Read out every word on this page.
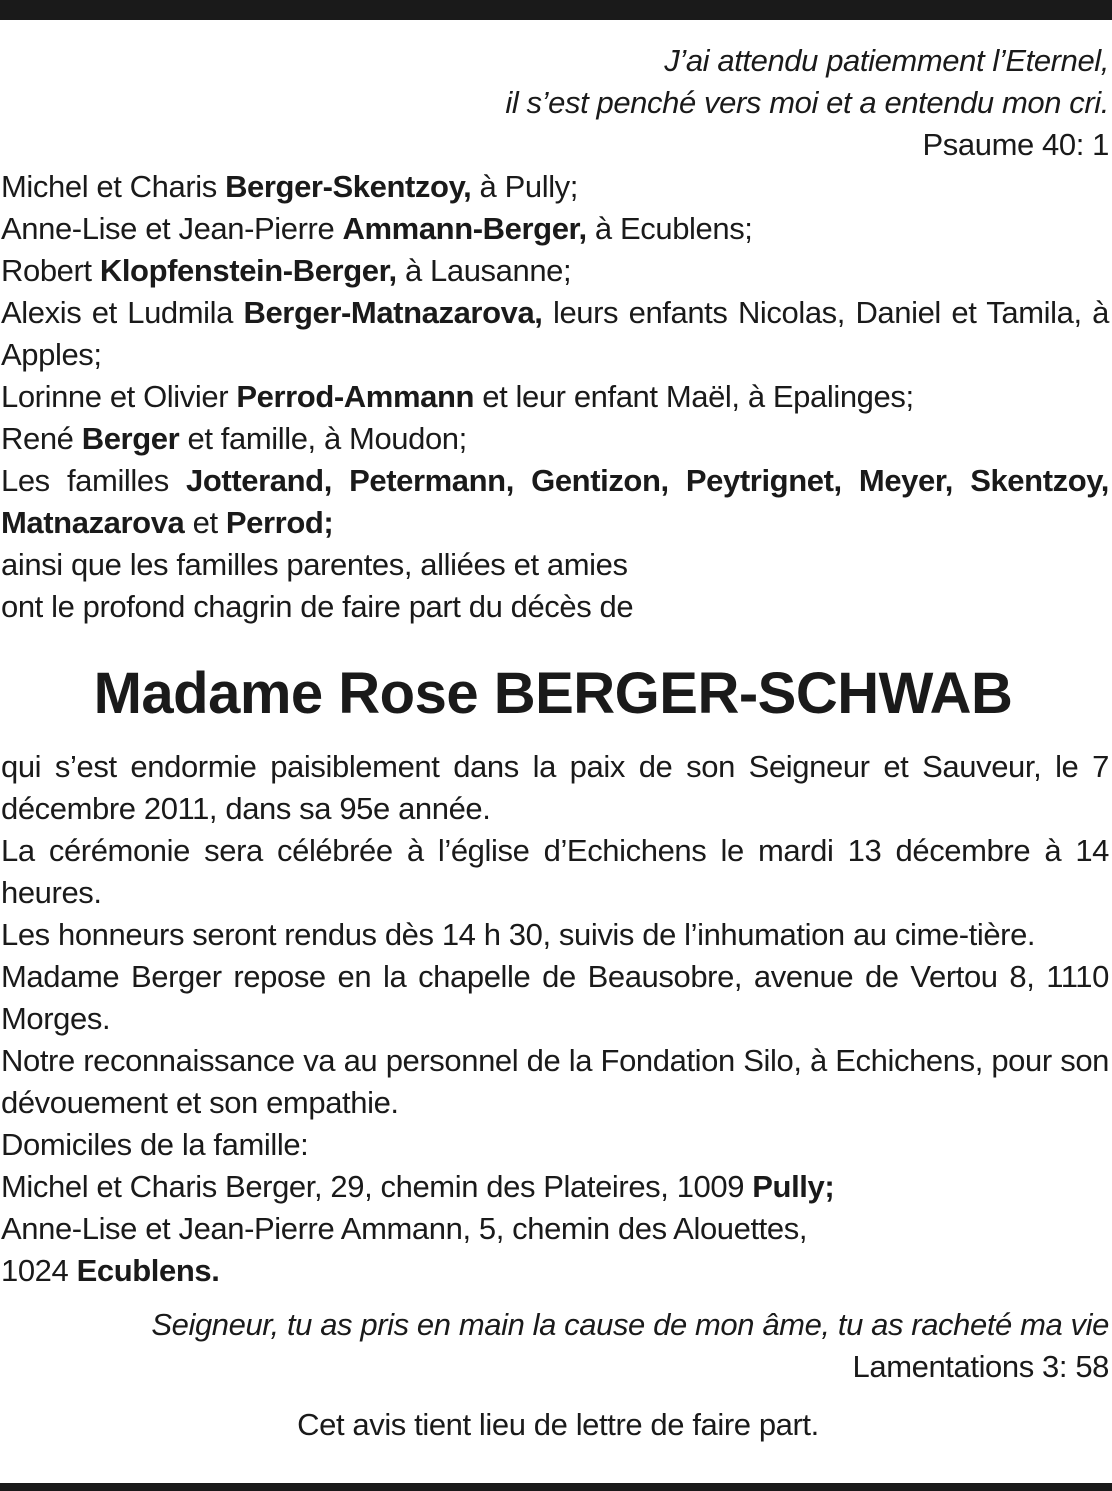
J’ai attendu patiemment l’Eternel,
il s’est penché vers moi et a entendu mon cri.
Psaume 40: 1
Michel et Charis Berger-Skentzoy, à Pully;
Anne-Lise et Jean-Pierre Ammann-Berger, à Ecublens;
Robert Klopfenstein-Berger, à Lausanne;
Alexis et Ludmila Berger-Matnazarova, leurs enfants Nicolas, Daniel et Tamila, à Apples;
Lorinne et Olivier Perrod-Ammann et leur enfant Maël, à Epalinges;
René Berger et famille, à Moudon;
Les familles Jotterand, Petermann, Gentizon, Peytrignet, Meyer, Skentzoy, Matnazarova et Perrod;
ainsi que les familles parentes, alliées et amies
ont le profond chagrin de faire part du décès de
Madame Rose BERGER-SCHWAB
qui s’est endormie paisiblement dans la paix de son Seigneur et Sauveur, le 7 décembre 2011, dans sa 95e année.
La cérémonie sera célébrée à l’église d’Echichens le mardi 13 décembre à 14 heures.
Les honneurs seront rendus dès 14 h 30, suivis de l’inhumation au cime-tière.
Madame Berger repose en la chapelle de Beausobre, avenue de Vertou 8, 1110 Morges.
Notre reconnaissance va au personnel de la Fondation Silo, à Echichens, pour son dévouement et son empathie.
Domiciles de la famille:
Michel et Charis Berger, 29, chemin des Plateires, 1009 Pully;
Anne-Lise et Jean-Pierre Ammann, 5, chemin des Alouettes,
1024 Ecublens.
Seigneur, tu as pris en main la cause de mon âme, tu as racheté ma vie
Lamentations 3: 58
Cet avis tient lieu de lettre de faire part.
